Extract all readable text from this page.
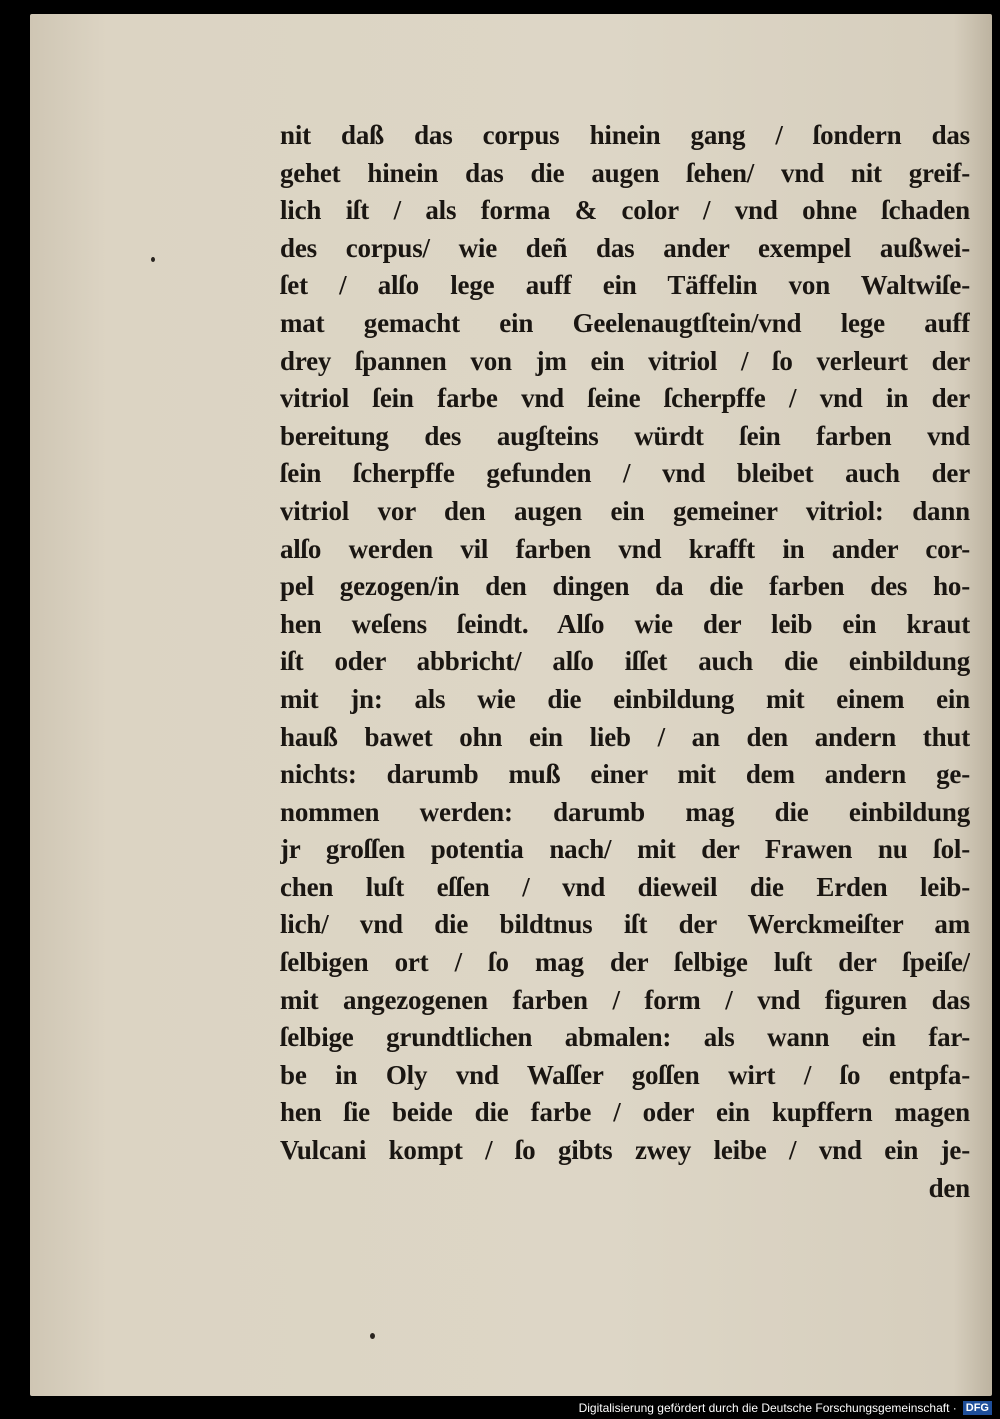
nit daß das corpus hinein gang / ſondern das
gehet hinein das die augen ſehen/ vnd nit greif-
lich iſt / als forma & color / vnd ohne ſchaden
des corpus/ wie deñ das ander exempel außwei-
ſet / alſo lege auff ein Täffelin von Waltwiſe-
mat gemacht ein Geelenaugtſtein/vnd lege auff
drey ſpannen von jm ein vitriol / ſo verleurt der
vitriol ſein farbe vnd ſeine ſcherpffe / vnd in der
bereitung des augſteins würdt ſein farben vnd
ſein ſcherpffe gefunden / vnd bleibet auch der
vitriol vor den augen ein gemeiner vitriol: dann
alſo werden vil farben vnd krafft in ander cor-
pel gezogen/in den dingen da die farben des ho-
hen weſens ſeindt. Alſo wie der leib ein kraut
iſt oder abbricht/ alſo iſſet auch die einbildung
mit jn: als wie die einbildung mit einem ein
hauß bawet ohn ein lieb / an den andern thut
nichts: darumb muß einer mit dem andern ge-
nommen werden: darumb mag die einbildung
jr groſſen potentia nach/ mit der Frawen nu ſol-
chen luſt eſſen / vnd dieweil die Erden leib-
lich/ vnd die bildtnus iſt der Werckmeiſter am
ſelbigen ort / ſo mag der ſelbige luſt der ſpeiſe/
mit angezogenen farben / form / vnd figuren das
ſelbige grundtlichen abmalen: als wann ein far-
be in Oly vnd Waſſer goſſen wirt / ſo entpfa-
hen ſie beide die farbe / oder ein kupffern magen
Vulcani kompt / ſo gibts zwey leibe / vnd ein je-
den
Digitalisierung gefördert durch die Deutsche Forschungsgemeinschaft · DFG
